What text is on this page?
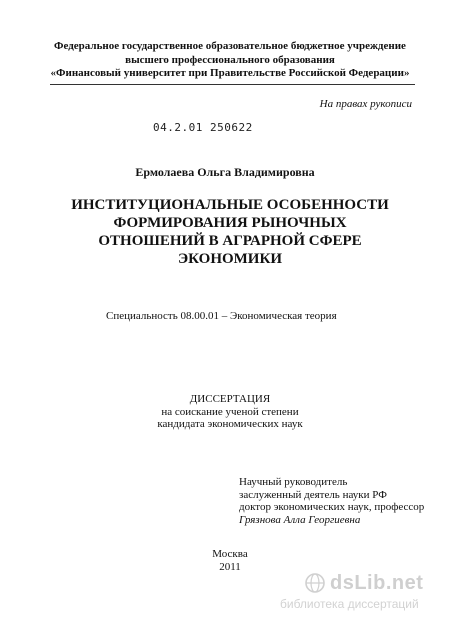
Федеральное государственное образовательное бюджетное учреждение
высшего профессионального образования
«Финансовый университет при Правительстве Российской Федерации»
На правах рукописи
04.2.01 250622
Ермолаева Ольга Владимировна
ИНСТИТУЦИОНАЛЬНЫЕ ОСОБЕННОСТИ
ФОРМИРОВАНИЯ РЫНОЧНЫХ
ОТНОШЕНИЙ В АГРАРНОЙ СФЕРЕ
ЭКОНОМИКИ
Специальность 08.00.01 – Экономическая теория
ДИССЕРТАЦИЯ
на соискание ученой степени
кандидата экономических наук
Научный руководитель
заслуженный деятель науки РФ
доктор экономических наук, профессор
Грязнова Алла Георгиевна
Москва
2011
dsLib.net
библиотека диссертаций
